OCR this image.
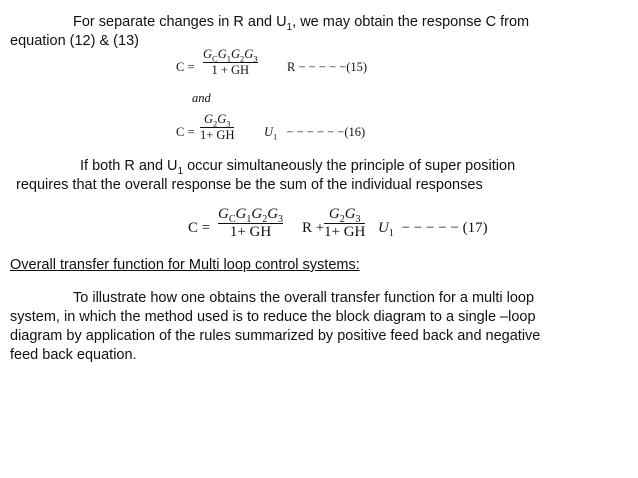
For separate changes in R and $U_1$, we may obtain the response C from
equation (12) & (13)

C =
$G_CG_1G_2G_3$
1 + GH	R − − − − −(15)
and
C =
$G_2G_3$
1+ GH $U_1$ − − − − − −(16)

If both R and $U_1$ occur simultaneously the principle of super position
requires that the overall response be the sum of the individual responses

C =
$G_CG_1G_2G_3$
1+ GH	R +
$G_2G_3$
1+ GH $U_1$ − − − − − (17)
Overall transfer function for Multi loop control systems:

To illustrate how one obtains the overall transfer function for a multi loop
system, in which the method used is to reduce the block diagram to a single –loop
diagram by application of the rules summarized by positive feed back and negative
feed back equation.
